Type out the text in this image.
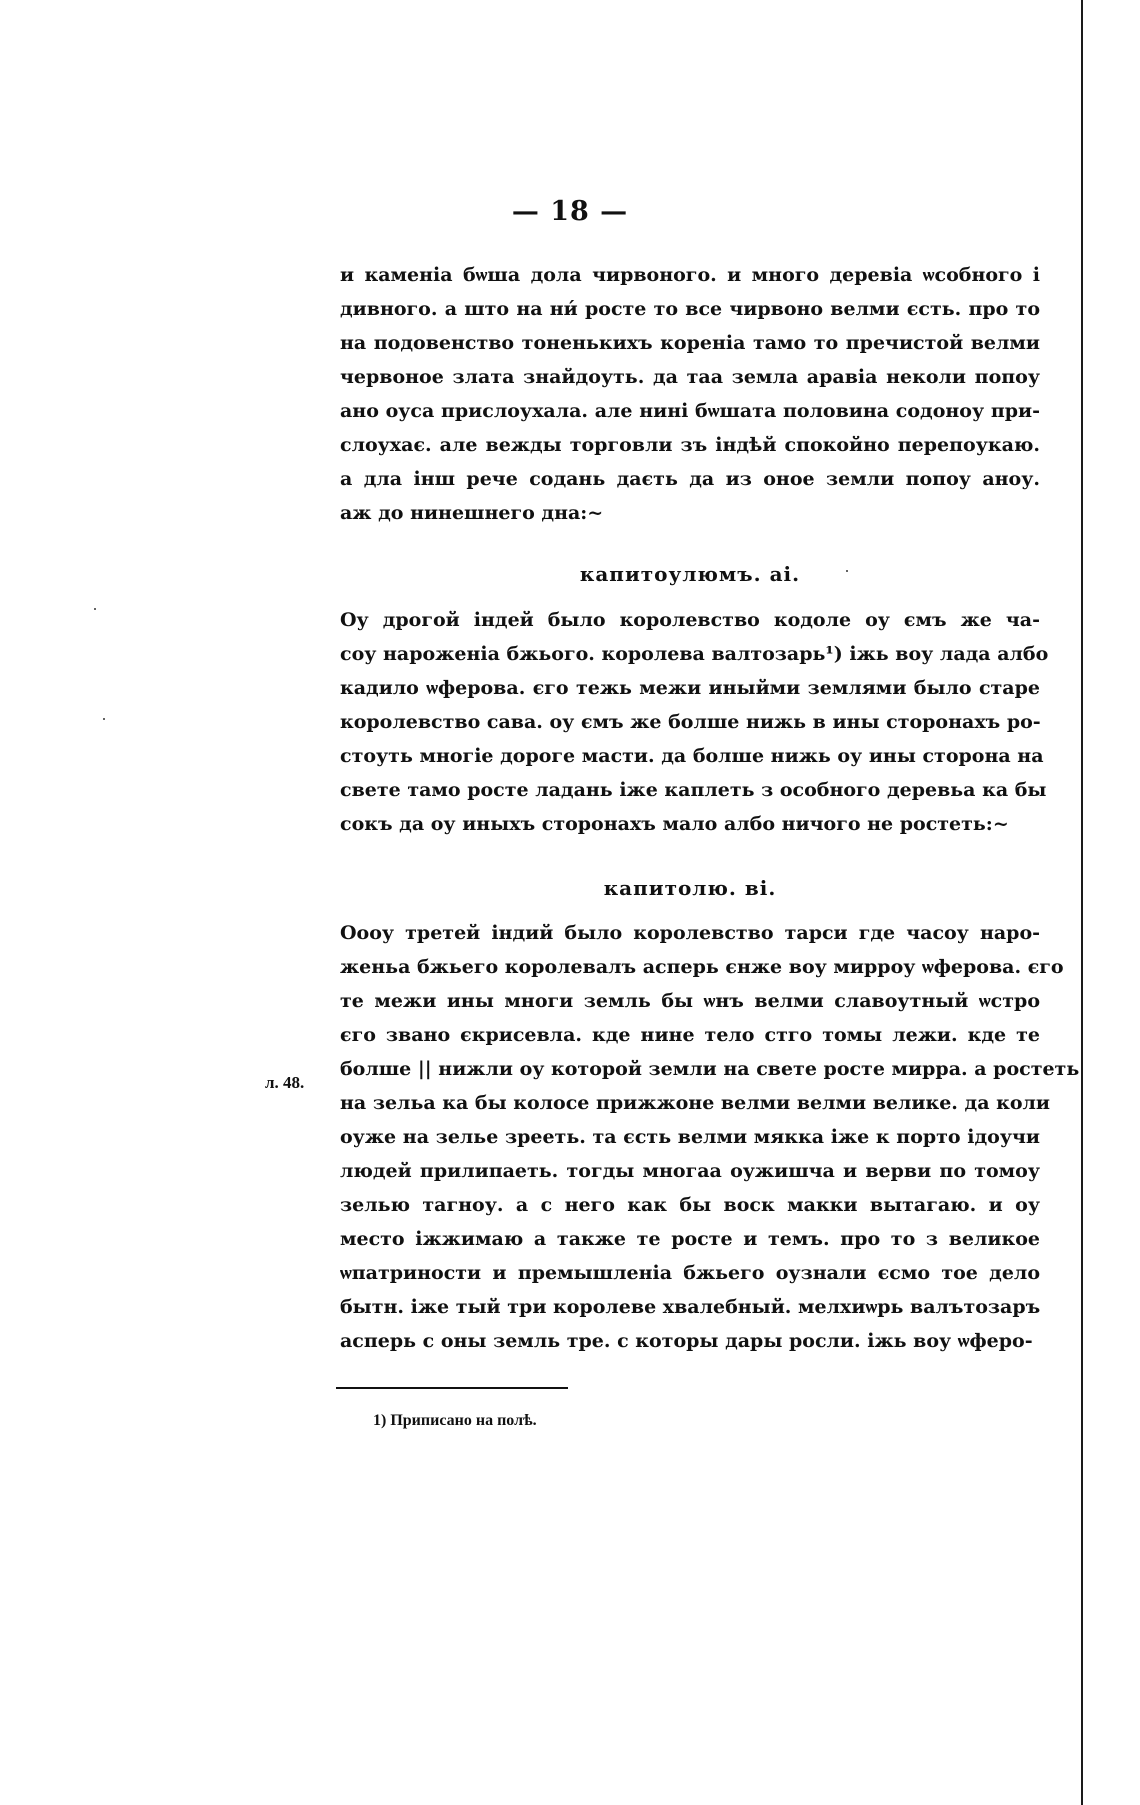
— 18 —
и каменіа бѡша дола чирвоного. и много деревіа ѡсобного і
дивного. а што на ни́ росте то все чирвоно велми єсть. про то
на подовенство тоненькихъ кореніа тамо то пречистой велми
червоное злата знайдоуть. да таа земла аравіа неколи попоу
ано оуса прислоухала. але нині бѡшата половина содоноу при-
слоухає. але вежды торговли зъ індѣй спокойно перепоукаю.
а дла інш рече содань даєть да из оное земли попоу аноу.
аж до нинешнего дна:~
капитоулюмъ. аі.
Оу дрогой індей было королевство кодоле оу ємъ же ча-
соу нароженіа бжього. королева валтозарь¹) іжь воу лада албо
кадило ѡферова. єго тежь межи иныйми землями было старе
королевство сава. оу ємъ же болше нижь в ины сторонахъ ро-
стоуть многіе дороге масти. да болше нижь оу ины сторона на
свете тамо росте ладань іже каплеть з особного деревьа ка бы
сокъ да оу иныхъ сторонахъ мало албо ничого не ростеть:~
капитолю. ві.
л. 48.
Оооу третей індий было королевство тарси где часоу наро-
женьа бжьего королевалъ асперь єнже воу мирроу ѡферова. єго
те межи ины многи земль бы ѡнъ велми славоутный ѡстро
єго звано єкрисевла. кде нине тело стго томы лежи. кде те
болше || нижли оу которой земли на свете росте мирра. а ростеть
на зельа ка бы колосе прижжоне велми велми велике. да коли
оуже на зелье зрееть. та єсть велми мякка іже к порто ідоучи
людей прилипаеть. тогды многаа оужишча и верви по томоу
зелью тагноу. а с него как бы воск макки вытагаю. и оу
место іжжимаю а также те росте и темъ. про то з великое
ѡпатриности и премышленіа бжьего оузнали єсмо тое дело
бытн. іже тый три королеве хвалебный. мелхиѡрь валътозаръ
асперь с оны земль тре. с которы дары росли. іжь воу ѡферо-
1) Приписано на полѣ.
